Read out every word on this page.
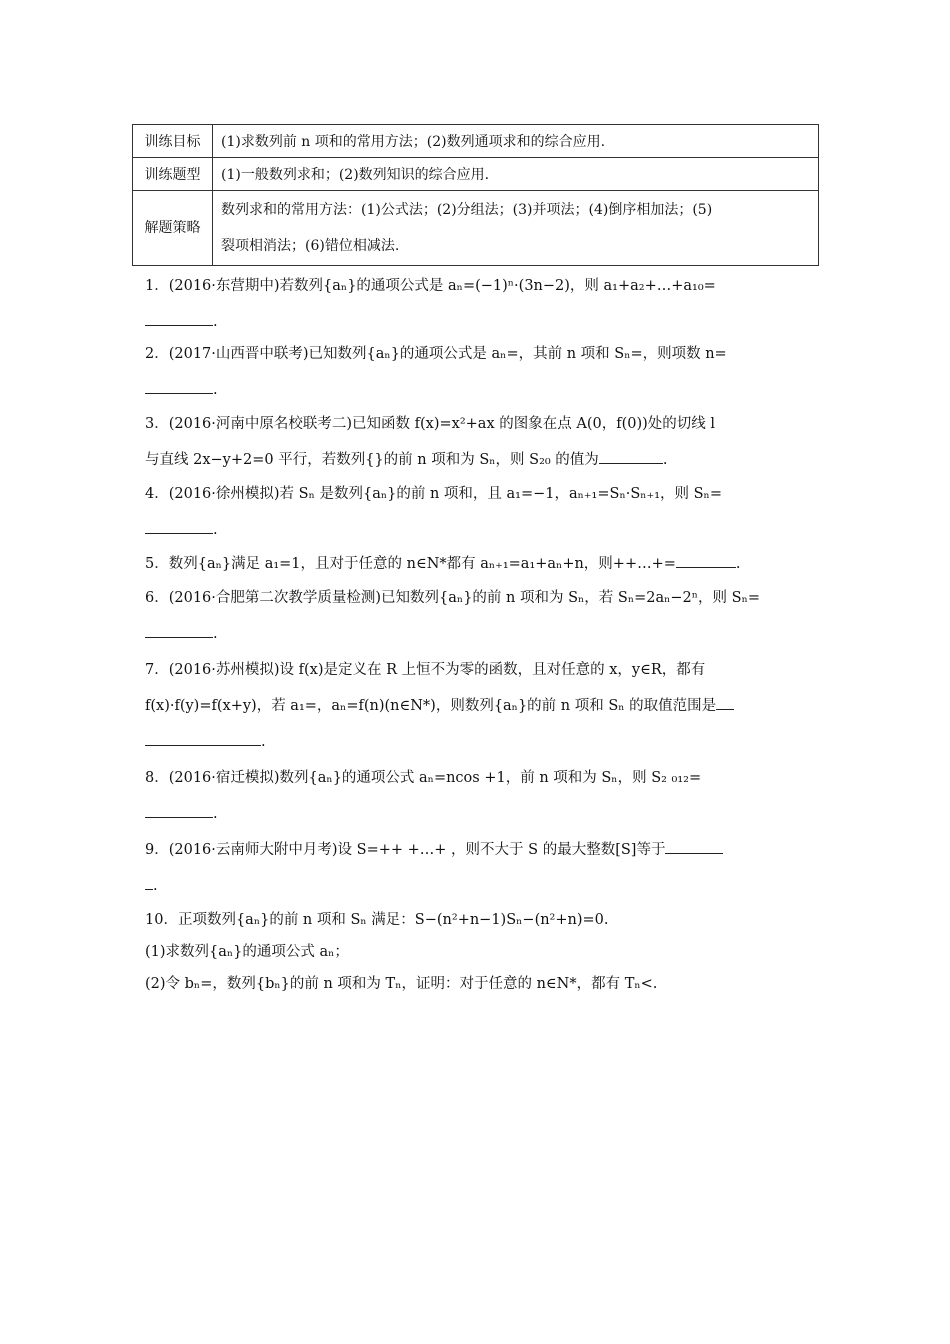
训练目标	(1)求数列前 n 项和的常用方法；(2)数列通项求和的综合应用.
训练题型	(1)一般数列求和；(2)数列知识的综合应用.
解题策略	数列求和的常用方法：(1)公式法；(2)分组法；(3)并项法；(4)倒序相加法；(5)
裂项相消法；(6)错位相减法.
1．(2016·东营期中)若数列{aₙ}的通项公式是 aₙ=(−1)ⁿ·(3n−2)，则 a₁+a₂+…+a₁₀=
.
2．(2017·山西晋中联考)已知数列{aₙ}的通项公式是 aₙ=，其前 n 项和 Sₙ=，则项数 n=
.
3．(2016·河南中原名校联考二)已知函数 f(x)=x²+ax 的图象在点 A(0，f(0))处的切线 l
与直线 2x−y+2=0 平行，若数列{}的前 n 项和为 Sₙ，则 S₂₀ 的值为	.
4．(2016·徐州模拟)若 Sₙ 是数列{aₙ}的前 n 项和，且 a₁=−1，aₙ₊₁=Sₙ·Sₙ₊₁，则 Sₙ=
.
5．数列{aₙ}满足 a₁=1，且对于任意的 n∈N*都有 aₙ₊₁=a₁+aₙ+n，则++…+=	.
6．(2016·合肥第二次教学质量检测)已知数列{aₙ}的前 n 项和为 Sₙ，若 Sₙ=2aₙ−2ⁿ，则 Sₙ=
.
7．(2016·苏州模拟)设 f(x)是定义在 R 上恒不为零的函数，且对任意的 x，y∈R，都有
f(x)·f(y)=f(x+y)，若 a₁=，aₙ=f(n)(n∈N*)，则数列{aₙ}的前 n 项和 Sₙ 的取值范围是
.
8．(2016·宿迁模拟)数列{aₙ}的通项公式 aₙ=ncos +1，前 n 项和为 Sₙ，则 S₂ ₀₁₂=
.
9．(2016·云南师大附中月考)设 S=++ +…+ ，则不大于 S 的最大整数[S]等于
.
10．正项数列{aₙ}的前 n 项和 Sₙ 满足：S−(n²+n−1)Sₙ−(n²+n)=0.
(1)求数列{aₙ}的通项公式 aₙ；
(2)令 bₙ=，数列{bₙ}的前 n 项和为 Tₙ，证明：对于任意的 n∈N*，都有 Tₙ<.
